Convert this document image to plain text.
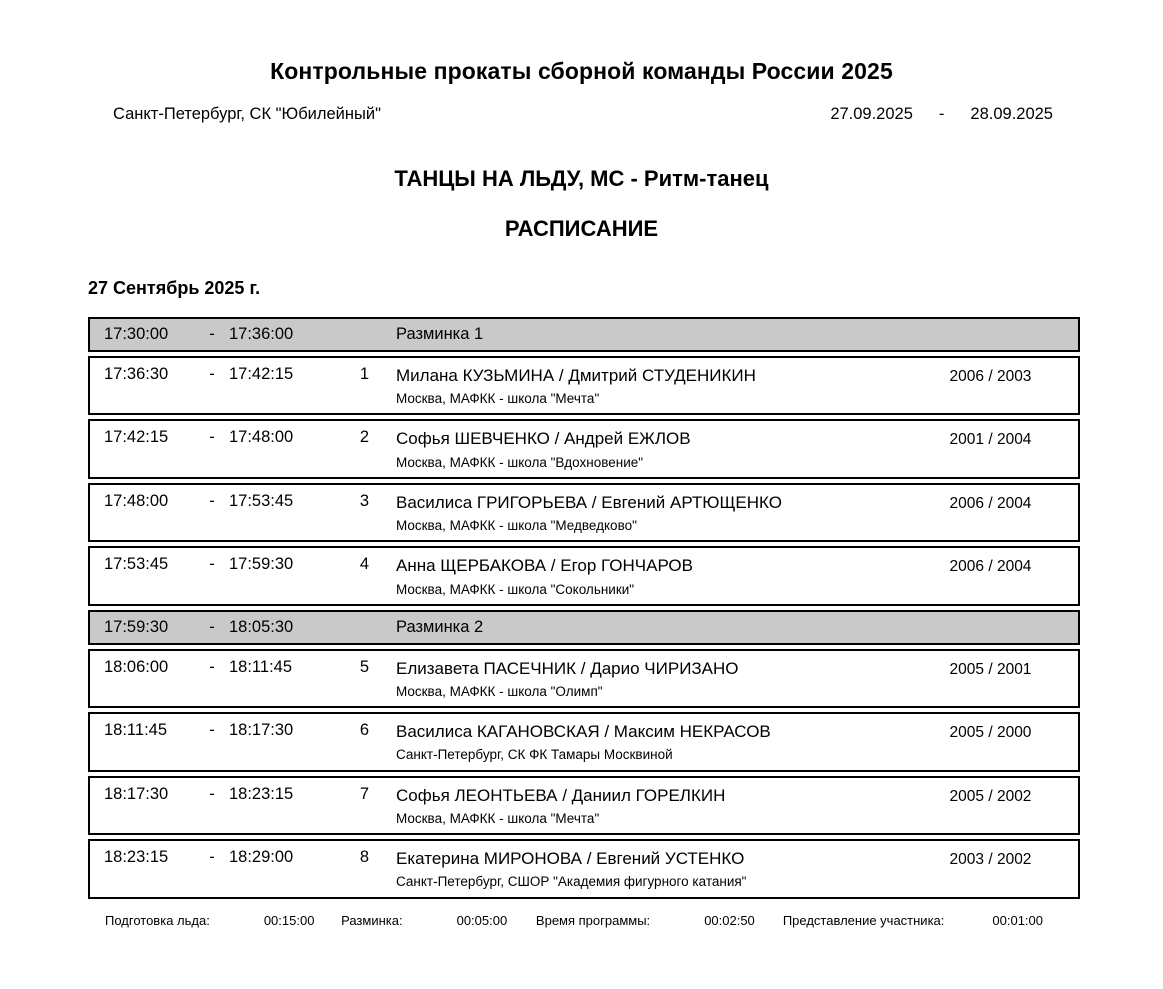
Контрольные прокаты сборной команды России 2025
Санкт-Петербург, СК "Юбилейный"	27.09.2025 - 28.09.2025
ТАНЦЫ НА ЛЬДУ, МС - Ритм-танец
РАСПИСАНИЕ
27 Сентябрь 2025 г.
17:30:00	- 17:36:00	Разминка 1
17:36:30	- 17:42:15	1 Милана КУЗЬМИНА / Дмитрий СТУДЕНИКИН
Москва, МАФКК - школа "Мечта"
2006 / 2003
17:42:15	- 17:48:00	2 Софья ШЕВЧЕНКО / Андрей ЕЖЛОВ
Москва, МАФКК - школа "Вдохновение"
2001 / 2004
17:48:00	- 17:53:45	3 Василиса ГРИГОРЬЕВА / Евгений АРТЮЩЕНКО
Москва, МАФКК - школа "Медведково"
2006 / 2004
17:53:45	- 17:59:30	4 Анна ЩЕРБАКОВА / Егор ГОНЧАРОВ
Москва, МАФКК - школа "Сокольники"
2006 / 2004
17:59:30	- 18:05:30	Разминка 2
18:06:00	- 18:11:45	5 Елизавета ПАСЕЧНИК / Дарио ЧИРИЗАНО
Москва, МАФКК - школа "Олимп"
2005 / 2001
18:11:45	- 18:17:30	6 Василиса КАГАНОВСКАЯ / Максим НЕКРАСОВ
Санкт-Петербург, СК ФК Тамары Москвиной
2005 / 2000
18:17:30	- 18:23:15	7 Софья ЛЕОНТЬЕВА / Даниил ГОРЕЛКИН
Москва, МАФКК - школа "Мечта"
2005 / 2002
18:23:15	- 18:29:00	8 Екатерина МИРОНОВА / Евгений УСТЕНКО
Санкт-Петербург, СШОР "Академия фигурного катания"
2003 / 2002
Подготовка льда:	00:15:00 Разминка:	00:05:00 Время программы:	00:02:50 Представление участника:	00:01:00
